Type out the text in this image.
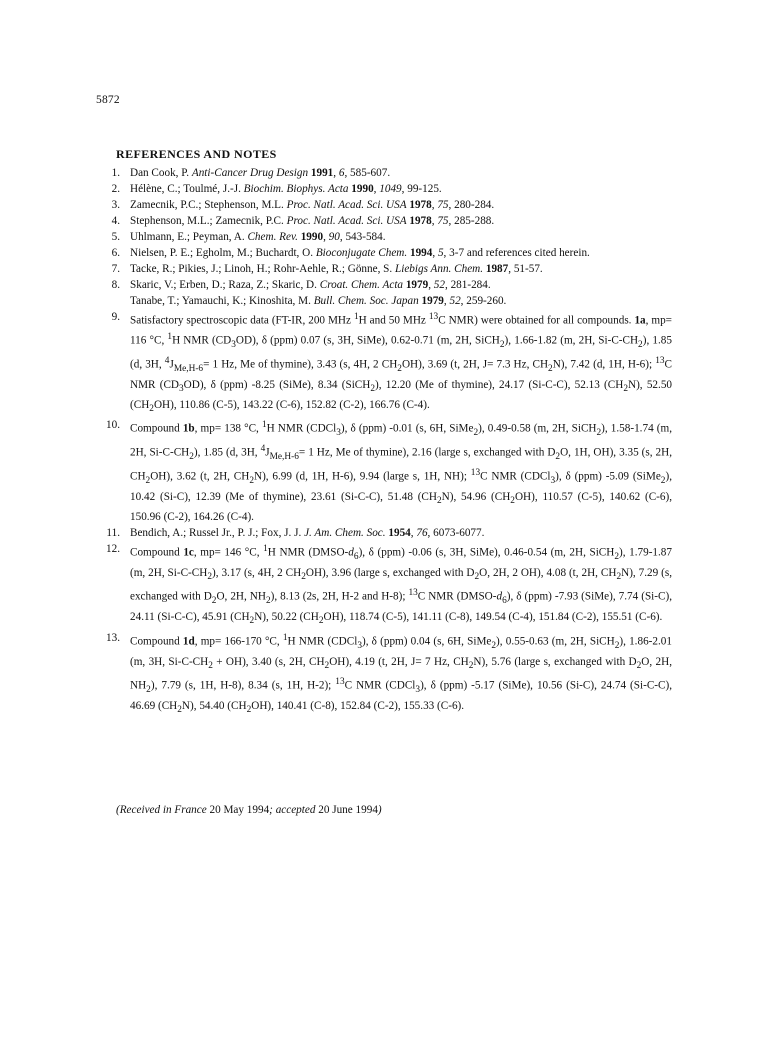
5872
REFERENCES AND NOTES
1. Dan Cook, P. Anti-Cancer Drug Design 1991, 6, 585-607.
2. Hélène, C.; Toulmé, J.-J. Biochim. Biophys. Acta 1990, 1049, 99-125.
3. Zamecnik, P.C.; Stephenson, M.L. Proc. Natl. Acad. Sci. USA 1978, 75, 280-284.
4. Stephenson, M.L.; Zamecnik, P.C. Proc. Natl. Acad. Sci. USA 1978, 75, 285-288.
5. Uhlmann, E.; Peyman, A. Chem. Rev. 1990, 90, 543-584.
6. Nielsen, P. E.; Egholm, M.; Buchardt, O. Bioconjugate Chem. 1994, 5, 3-7 and references cited herein.
7. Tacke, R.; Pikies, J.; Linoh, H.; Rohr-Aehle, R.; Gönne, S. Liebigs Ann. Chem. 1987, 51-57.
8. Skaric, V.; Erben, D.; Raza, Z.; Skaric, D. Croat. Chem. Acta 1979, 52, 281-284.
Tanabe, T.; Yamauchi, K.; Kinoshita, M. Bull. Chem. Soc. Japan 1979, 52, 259-260.
9. Satisfactory spectroscopic data (FT-IR, 200 MHz $^1$H and 50 MHz $^{13}$C NMR) were obtained for all compounds. 1a, mp= 116 °C, $^1$H NMR $(CD_3OD)$, δ (ppm) 0.07 (s, 3H, SiMe), 0.62-0.71 (m, 2H, SiCH$_2$), 1.66-1.82 (m, 2H, $Si-C-CH_2$), 1.85 (d, 3H, $^4J_{Me,H-6}= 1$ Hz, Me of thymine), 3.43 (s, 4H, 2 $CH_2OH$), 3.69 (t, 2H, J= 7.3 Hz, $CH_2N$), 7.42 (d, 1H, H-6); $^{13}$C NMR $(CD_3OD)$, δ (ppm) -8.25 (SiMe), 8.34 (SiCH$_2$), 12.20 (Me of thymine), 24.17 (Si-C-C), 52.13 $(CH_2N)$, 52.50 $(CH_2OH)$, 110.86 (C-5), 143.22 (C-6), 152.82 (C-2), 166.76 (C-4).
10. Compound 1b, mp= 138 °C, $^1$H NMR (CDCl$_3$), δ (ppm) -0.01 (s, 6H, SiMe$_2$), 0.49-0.58 (m, 2H, SiCH$_2$), 1.58-1.74 (m, 2H, $Si-C-CH_2$), 1.85 (d, 3H, $^4J_{Me,H-6}= 1$ Hz, Me of thymine), 2.16 (large s, exchanged with $D_2O$, 1H, OH), 3.35 (s, 2H, $CH_2OH$), 3.62 (t, 2H, $CH_2N$), 6.99 (d, 1H, H-6), 9.94 (large s, 1H, NH); $^{13}$C NMR (CDCl$_3$), δ (ppm) -5.09 (SiMe$_2$), 10.42 (Si-C), 12.39 (Me of thymine), 23.61 (Si-C-C), 51.48 $(CH_2N)$, 54.96 $(CH_2OH)$, 110.57 (C-5), 140.62 (C-6), 150.96 (C-2), 164.26 (C-4).
11. Bendich, A.; Russel Jr., P. J.; Fox, J. J. J. Am. Chem. Soc. 1954, 76, 6073-6077.
12. Compound 1c, mp= 146 °C, $^1$H NMR $(DMSO-d_6)$, δ (ppm) -0.06 (s, 3H, SiMe), 0.46-0.54 (m, 2H, SiCH$_2$), 1.79-1.87 (m, 2H, $Si-C-CH_2$), 3.17 (s, 4H, 2 $CH_2OH$), 3.96 (large s, exchanged with $D_2O$, 2H, 2 OH), 4.08 (t, 2H, $CH_2N$), 7.29 (s, exchanged with $D_2O$, 2H, $NH_2$), 8.13 (2s, 2H, H-2 and H-8); $^{13}$C NMR $(DMSO-d_6)$, δ (ppm) -7.93 (SiMe), 7.74 (Si-C), 24.11 (Si-C-C), 45.91 $(CH_2N)$, 50.22 $(CH_2OH)$, 118.74 (C-5), 141.11 (C-8), 149.54 (C-4), 151.84 (C-2), 155.51 (C-6).
13. Compound 1d, mp= 166-170 °C, $^1$H NMR (CDCl$_3$), δ (ppm) 0.04 (s, 6H, SiMe$_2$), 0.55-0.63 (m, 2H, SiCH$_2$), 1.86-2.01 (m, 3H, $Si-C-CH_2 + OH$), 3.40 (s, 2H, $CH_2OH$), 4.19 (t, 2H, J= 7 Hz, $CH_2N$), 5.76 (large s, exchanged with $D_2O$, 2H, $NH_2$), 7.79 (s, 1H, H-8), 8.34 (s, 1H, H-2); $^{13}$C NMR (CDCl$_3$), δ (ppm) -5.17 (SiMe), 10.56 (Si-C), 24.74 (Si-C-C), 46.69 $(CH_2N)$, 54.40 $(CH_2OH)$, 140.41 (C-8), 152.84 (C-2), 155.33 (C-6).
(Received in France 20 May 1994; accepted 20 June 1994)
